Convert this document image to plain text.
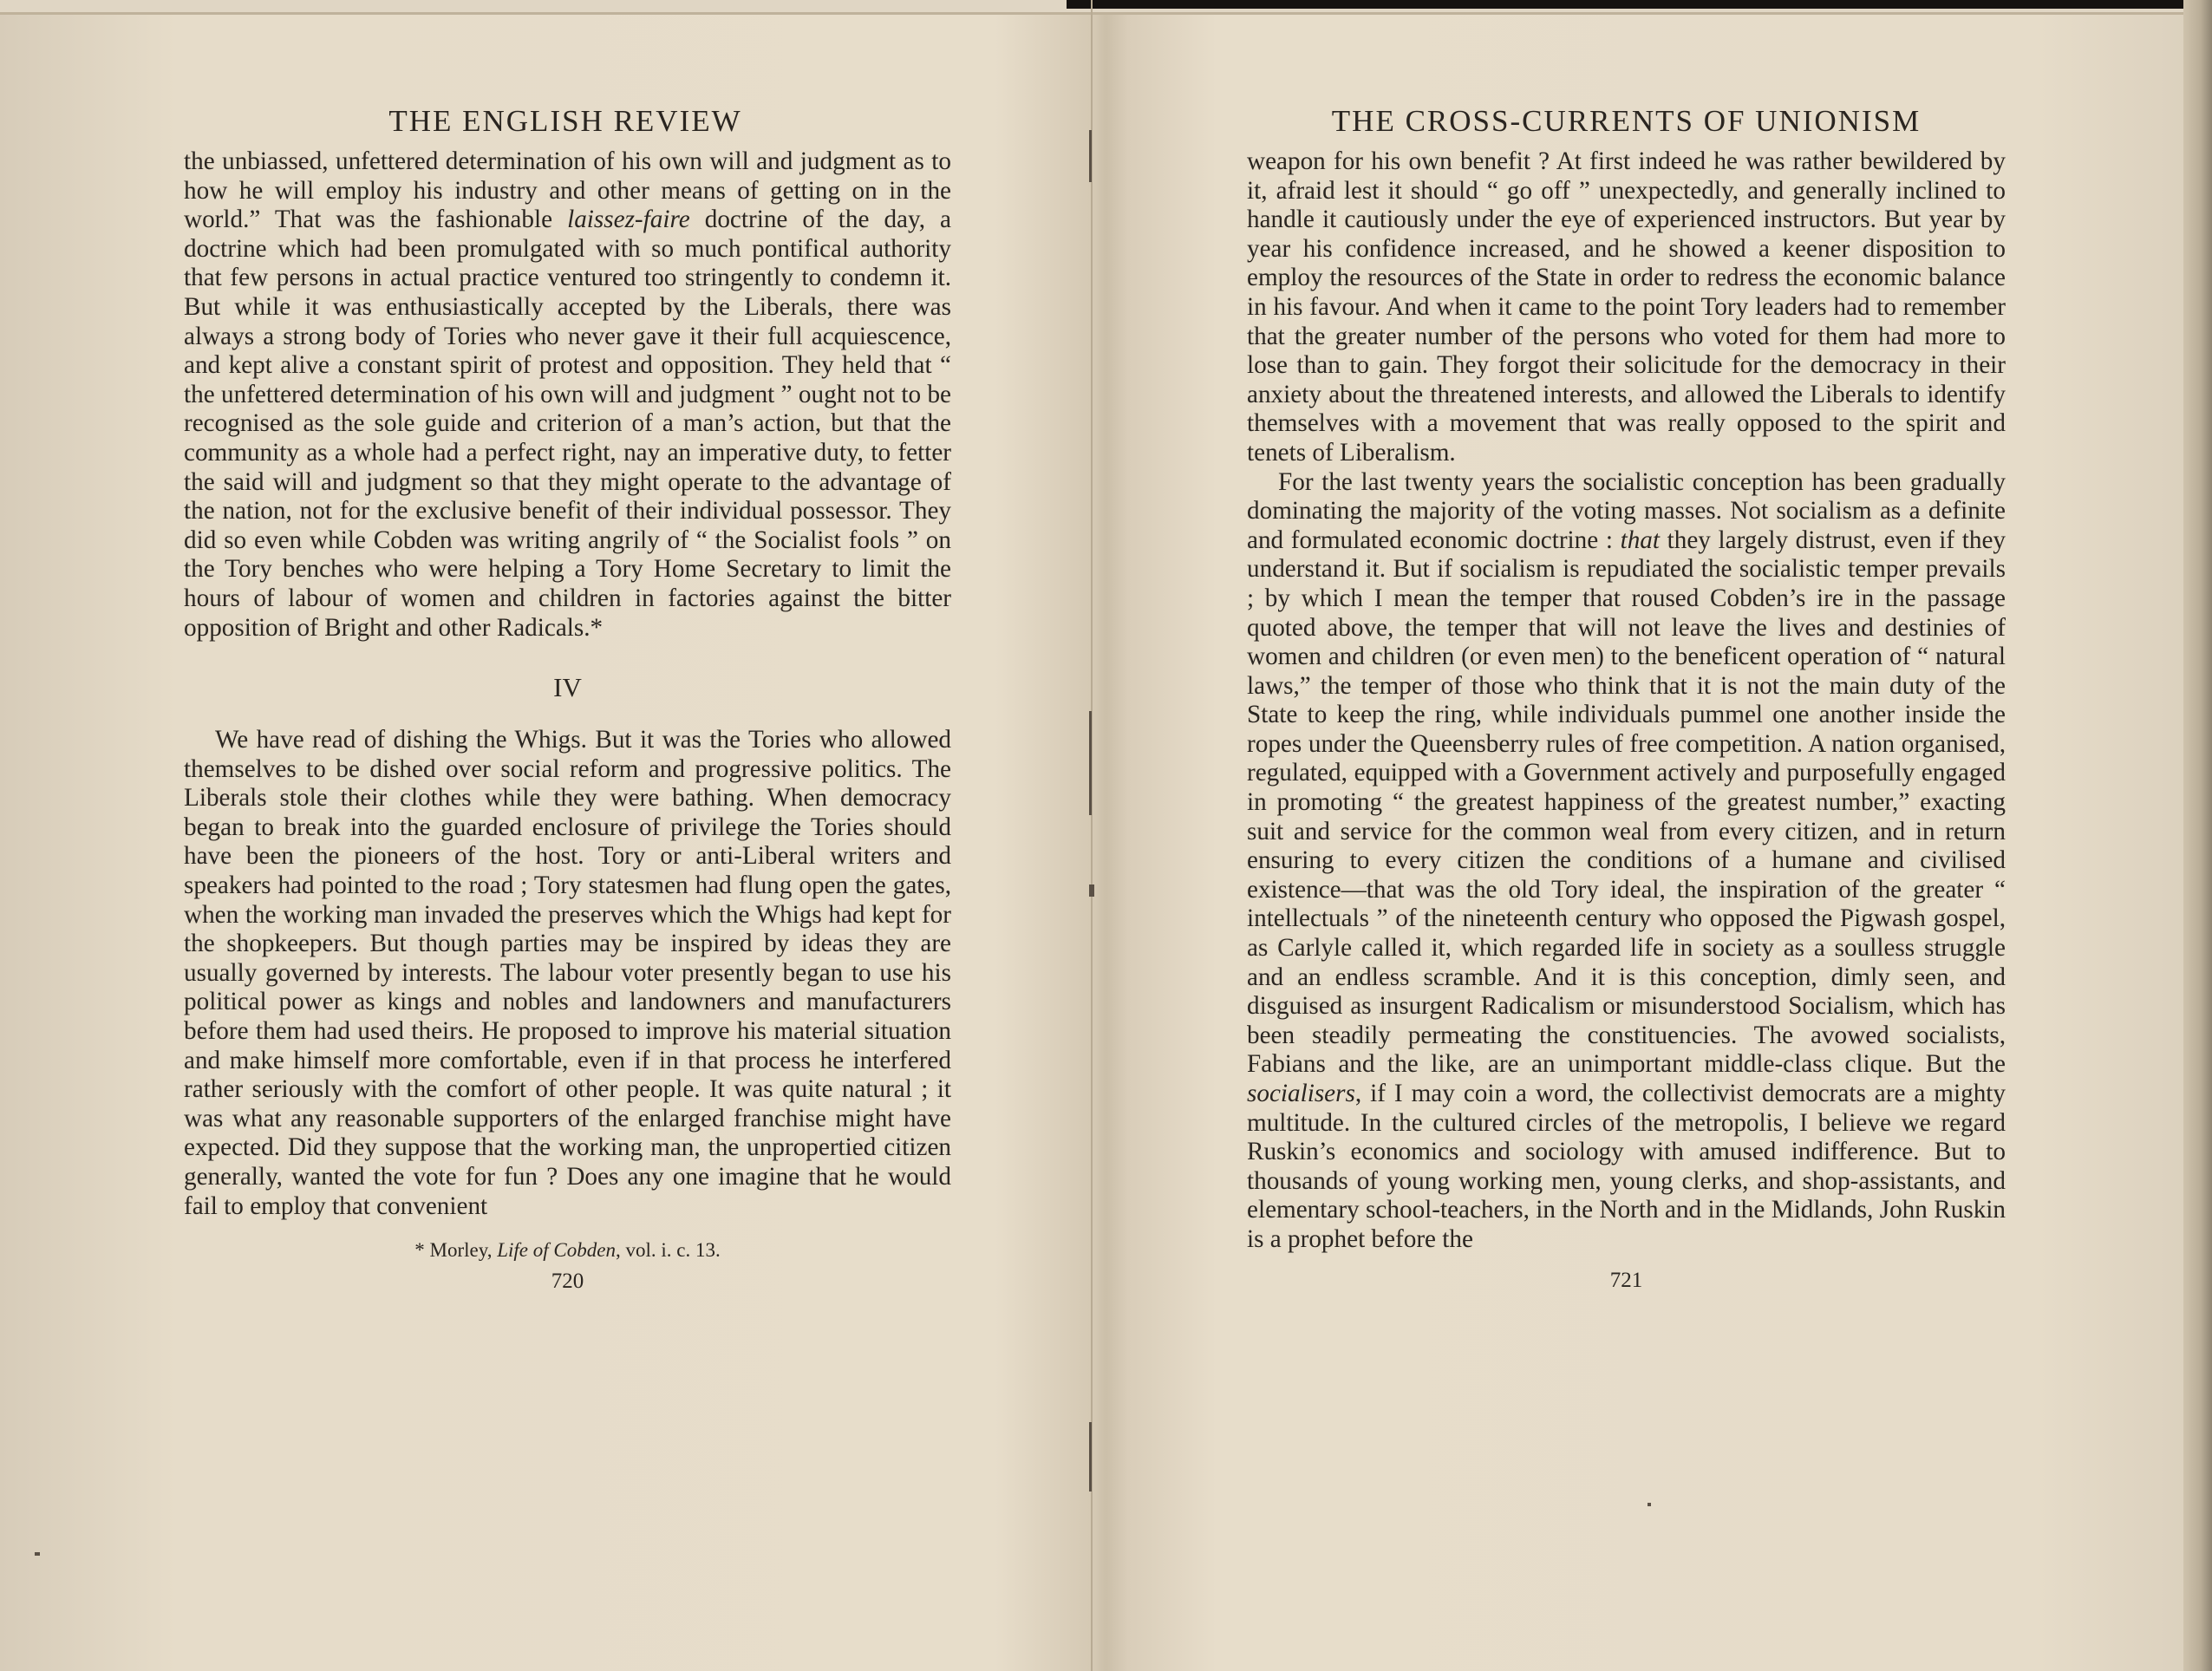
THE ENGLISH REVIEW

the unbiassed, unfettered determination of his own will and judgment as to how he will employ his industry and other means of getting on in the world.” That was the fashionable laissez-faire doctrine of the day, a doctrine which had been promulgated with so much pontifical authority that few persons in actual practice ventured too stringently to condemn it. But while it was enthusiastically accepted by the Liberals, there was always a strong body of Tories who never gave it their full acquiescence, and kept alive a constant spirit of protest and opposition. They held that “ the unfettered determination of his own will and judgment ” ought not to be recognised as the sole guide and criterion of a man’s action, but that the community as a whole had a perfect right, nay an imperative duty, to fetter the said will and judgment so that they might operate to the advantage of the nation, not for the exclusive benefit of their individual possessor. They did so even while Cobden was writing angrily of “ the Socialist fools ” on the Tory benches who were helping a Tory Home Secretary to limit the hours of labour of women and children in factories against the bitter opposition of Bright and other Radicals.*

IV

We have read of dishing the Whigs. But it was the Tories who allowed themselves to be dished over social reform and progressive politics. The Liberals stole their clothes while they were bathing. When democracy began to break into the guarded enclosure of privilege the Tories should have been the pioneers of the host. Tory or anti-Liberal writers and speakers had pointed to the road ; Tory statesmen had flung open the gates, when the working man invaded the preserves which the Whigs had kept for the shopkeepers. But though parties may be inspired by ideas they are usually governed by interests. The labour voter presently began to use his political power as kings and nobles and landowners and manufacturers before them had used theirs. He proposed to improve his material situation and make himself more comfortable, even if in that process he interfered rather seriously with the comfort of other people. It was quite natural ; it was what any reasonable supporters of the enlarged franchise might have expected. Did they suppose that the working man, the unpropertied citizen generally, wanted the vote for fun ? Does any one imagine that he would fail to employ that convenient

* Morley, Life of Cobden, vol. i. c. 13.
720
THE CROSS-CURRENTS OF UNIONISM

weapon for his own benefit ? At first indeed he was rather bewildered by it, afraid lest it should “ go off ” unexpectedly, and generally inclined to handle it cautiously under the eye of experienced instructors. But year by year his confidence increased, and he showed a keener disposition to employ the resources of the State in order to redress the economic balance in his favour. And when it came to the point Tory leaders had to remember that the greater number of the persons who voted for them had more to lose than to gain. They forgot their solicitude for the democracy in their anxiety about the threatened interests, and allowed the Liberals to identify themselves with a movement that was really opposed to the spirit and tenets of Liberalism.

For the last twenty years the socialistic conception has been gradually dominating the majority of the voting masses. Not socialism as a definite and formulated economic doctrine : that they largely distrust, even if they understand it. But if socialism is repudiated the socialistic temper prevails ; by which I mean the temper that roused Cobden’s ire in the passage quoted above, the temper that will not leave the lives and destinies of women and children (or even men) to the beneficent operation of “ natural laws,” the temper of those who think that it is not the main duty of the State to keep the ring, while individuals pummel one another inside the ropes under the Queensberry rules of free competition. A nation organised, regulated, equipped with a Government actively and purposefully engaged in promoting “ the greatest happiness of the greatest number,” exacting suit and service for the common weal from every citizen, and in return ensuring to every citizen the conditions of a humane and civilised existence—that was the old Tory ideal, the inspiration of the greater “ intellectuals ” of the nineteenth century who opposed the Pigwash gospel, as Carlyle called it, which regarded life in society as a soulless struggle and an endless scramble. And it is this conception, dimly seen, and disguised as insurgent Radicalism or misunderstood Socialism, which has been steadily permeating the constituencies. The avowed socialists, Fabians and the like, are an unimportant middle-class clique. But the socialisers, if I may coin a word, the collectivist democrats are a mighty multitude. In the cultured circles of the metropolis, I believe we regard Ruskin’s economics and sociology with amused indifference. But to thousands of young working men, young clerks, and shop-assistants, and elementary school-teachers, in the North and in the Midlands, John Ruskin is a prophet before the

721
